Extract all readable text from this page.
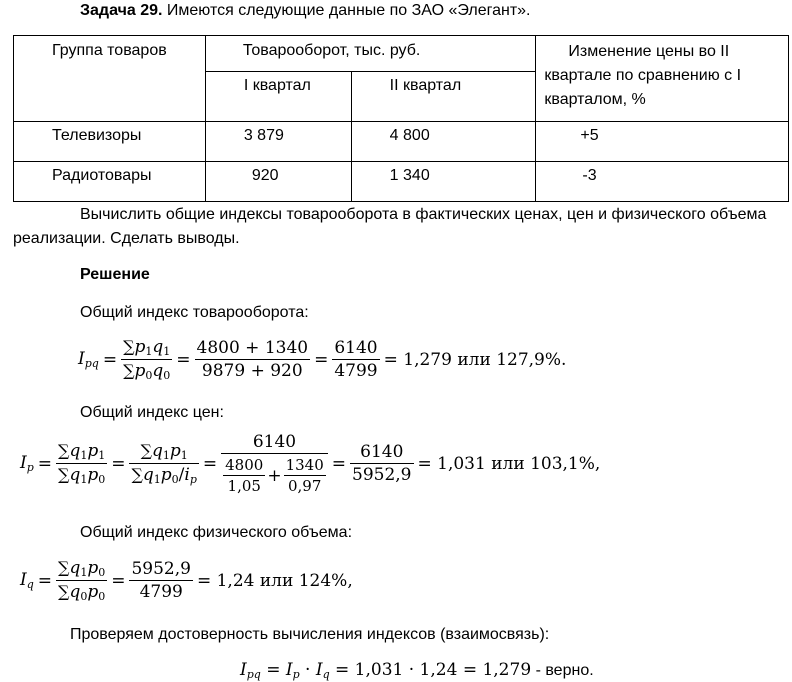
Задача 29. Имеются следующие данные по ЗАО «Элегант».
Группа товаров	Товарооборот, тыс. руб.		Изменение цены во II квартале по сравнению с I кварталом, %

	I квартал	II квартал	

Телевизоры	3 879	4 800	+5

Радиотовары	920	1 340	-3
Вычислить общие индексы товарооборота в фактических ценах, цен и физического объема
реализации. Сделать выводы.
Решение
Общий индекс товарооборота:
$I_{pq} = \frac{\sum p_1q_1}{\sum p_0q_0} = \frac{4800 + 1340}{9879 + 920} = \frac{6140}{4799} = 1,279$ или 127,9%.
Общий индекс цен:
$I_p = \frac{\sum q_1p_1}{\sum q_1p_0} = \frac{\sum q_1p_1}{\sum q_1p_0/i_p} = \frac{6140}{\frac{4800}{1,05} + \frac{1340}{0,97}} = \frac{6140}{5952,9} = 1,031$ или 103,1%,
Общий индекс физического объема:
$I_q = \frac{\sum q_1p_0}{\sum q_0p_0} = \frac{5952,9}{4799} = 1,24$ или 124%,
Проверяем достоверность вычисления индексов (взаимосвязь):
$I_{pq} = I_p \cdot I_q = 1,031 \cdot 1,24 = 1,279$ - верно.
